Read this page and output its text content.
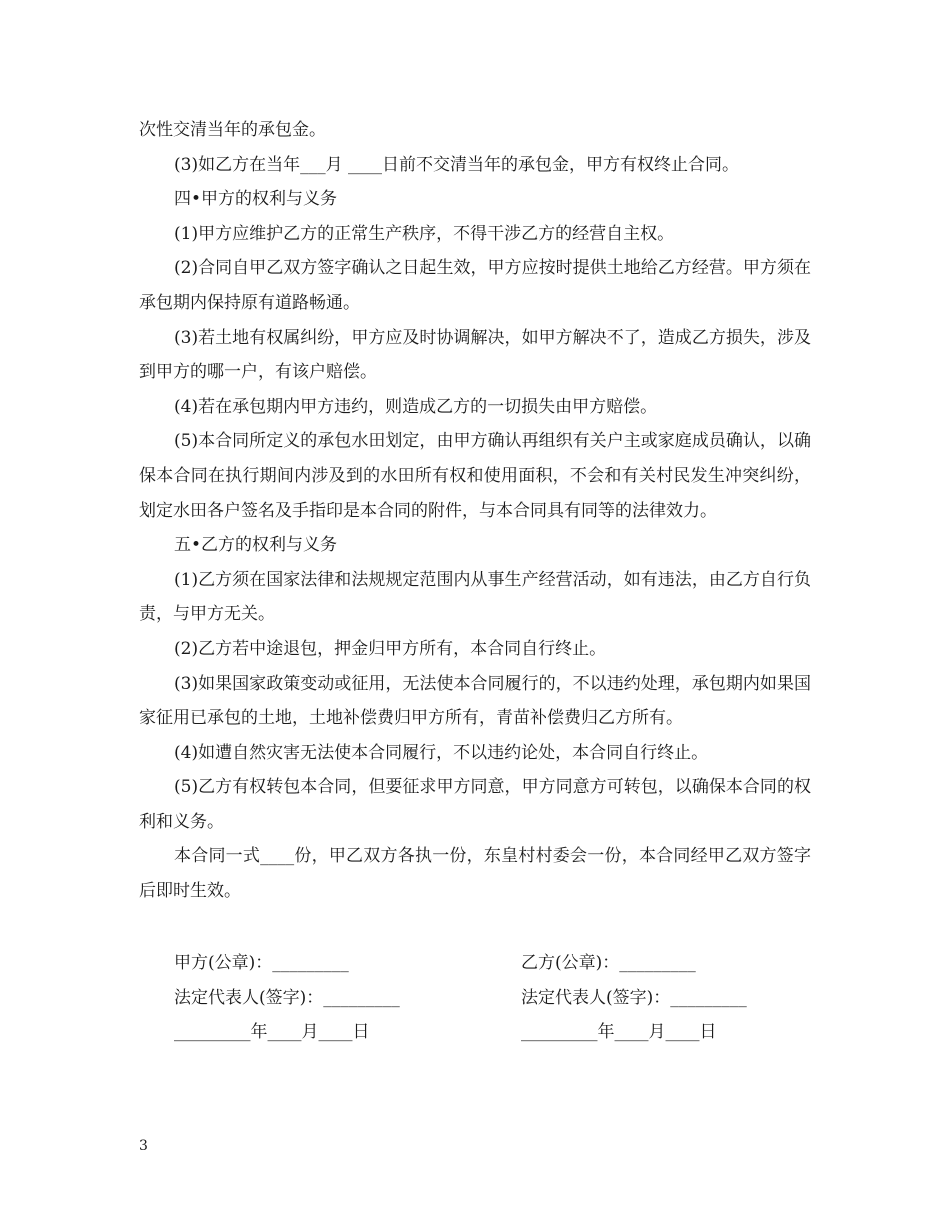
次性交清当年的承包金。

(3)如乙方在当年___月 ____日前不交清当年的承包金，甲方有权终止合同。

四•甲方的权利与义务

(1)甲方应维护乙方的正常生产秩序，不得干涉乙方的经营自主权。

(2)合同自甲乙双方签字确认之日起生效，甲方应按时提供土地给乙方经营。甲方须在承包期内保持原有道路畅通。

(3)若土地有权属纠纷，甲方应及时协调解决，如甲方解决不了，造成乙方损失，涉及到甲方的哪一户，有该户赔偿。

(4)若在承包期内甲方违约，则造成乙方的一切损失由甲方赔偿。

(5)本合同所定义的承包水田划定，由甲方确认再组织有关户主或家庭成员确认，以确保本合同在执行期间内涉及到的水田所有权和使用面积，不会和有关村民发生冲突纠纷，划定水田各户签名及手指印是本合同的附件，与本合同具有同等的法律效力。

五•乙方的权利与义务

(1)乙方须在国家法律和法规规定范围内从事生产经营活动，如有违法，由乙方自行负责，与甲方无关。

(2)乙方若中途退包，押金归甲方所有，本合同自行终止。

(3)如果国家政策变动或征用，无法使本合同履行的，不以违约处理，承包期内如果国家征用已承包的土地，土地补偿费归甲方所有，青苗补偿费归乙方所有。

(4)如遭自然灾害无法使本合同履行，不以违约论处，本合同自行终止。

(5)乙方有权转包本合同，但要征求甲方同意，甲方同意方可转包，以确保本合同的权利和义务。

本合同一式____份，甲乙双方各执一份，东皇村村委会一份，本合同经甲乙双方签字后即时生效。

甲方(公章)：_________	乙方(公章)：_________
法定代表人(签字)：_________	法定代表人(签字)：_________
_________年____月____日	_________年____月____日
3
